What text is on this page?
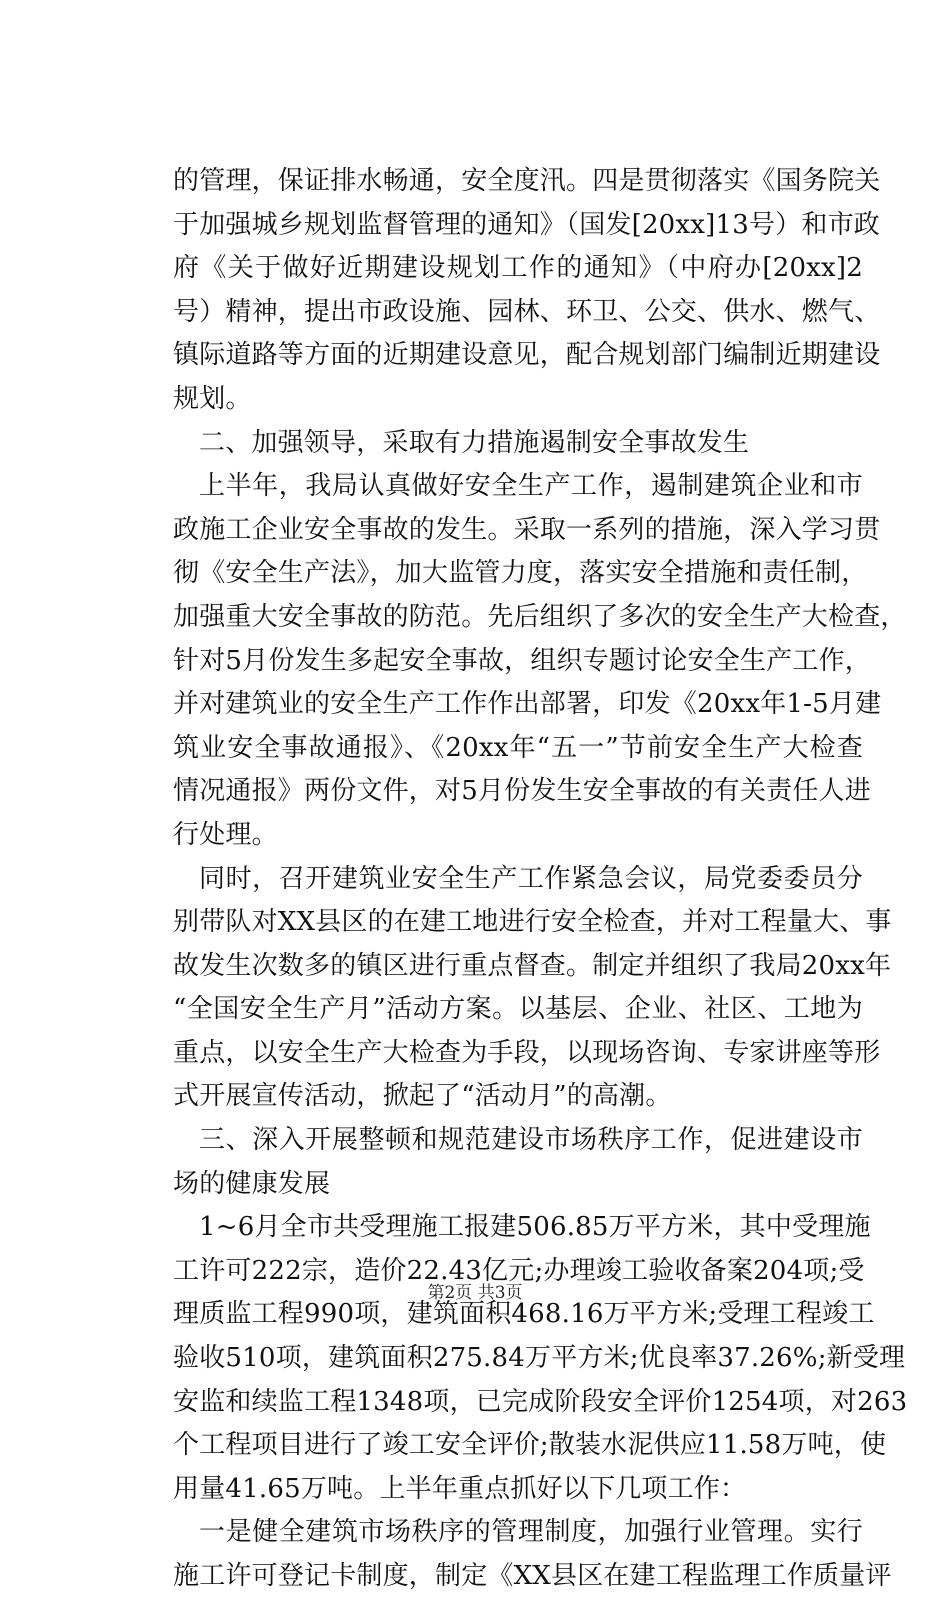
的管理，保证排水畅通，安全度汛。四是贯彻落实《国务院关
于加强城乡规划监督管理的通知》（国发[20xx]13号）和市政
府《关于做好近期建设规划工作的通知》（中府办[20xx]2
号）精神，提出市政设施、园林、环卫、公交、供水、燃气、
镇际道路等方面的近期建设意见，配合规划部门编制近期建设
规划。
二、加强领导，采取有力措施遏制安全事故发生
上半年，我局认真做好安全生产工作，遏制建筑企业和市
政施工企业安全事故的发生。采取一系列的措施，深入学习贯
彻《安全生产法》，加大监管力度，落实安全措施和责任制，
加强重大安全事故的防范。先后组织了多次的安全生产大检查，
针对5月份发生多起安全事故，组织专题讨论安全生产工作，
并对建筑业的安全生产工作作出部署，印发《20xx年1-5月建
筑业安全事故通报》、《20xx年“五一”节前安全生产大检查
情况通报》两份文件，对5月份发生安全事故的有关责任人进
行处理。
同时，召开建筑业安全生产工作紧急会议，局党委委员分
别带队对XX县区的在建工地进行安全检查，并对工程量大、事
故发生次数多的镇区进行重点督查。制定并组织了我局20xx年
“全国安全生产月”活动方案。以基层、企业、社区、工地为
重点，以安全生产大检查为手段，以现场咨询、专家讲座等形
式开展宣传活动，掀起了“活动月”的高潮。
三、深入开展整顿和规范建设市场秩序工作，促进建设市
场的健康发展
1~6月全市共受理施工报建506.85万平方米，其中受理施
工许可222宗，造价22.43亿元;办理竣工验收备案204项;受
理质监工程990项，建筑面积468.16万平方米;受理工程竣工
验收510项，建筑面积275.84万平方米;优良率37.26%;新受理
安监和续监工程1348项，已完成阶段安全评价1254项，对263
个工程项目进行了竣工安全评价;散装水泥供应11.58万吨，使
用量41.65万吨。上半年重点抓好以下几项工作：
一是健全建筑市场秩序的管理制度，加强行业管理。实行
施工许可登记卡制度，制定《XX县区在建工程监理工作质量评
第2页 共3页
